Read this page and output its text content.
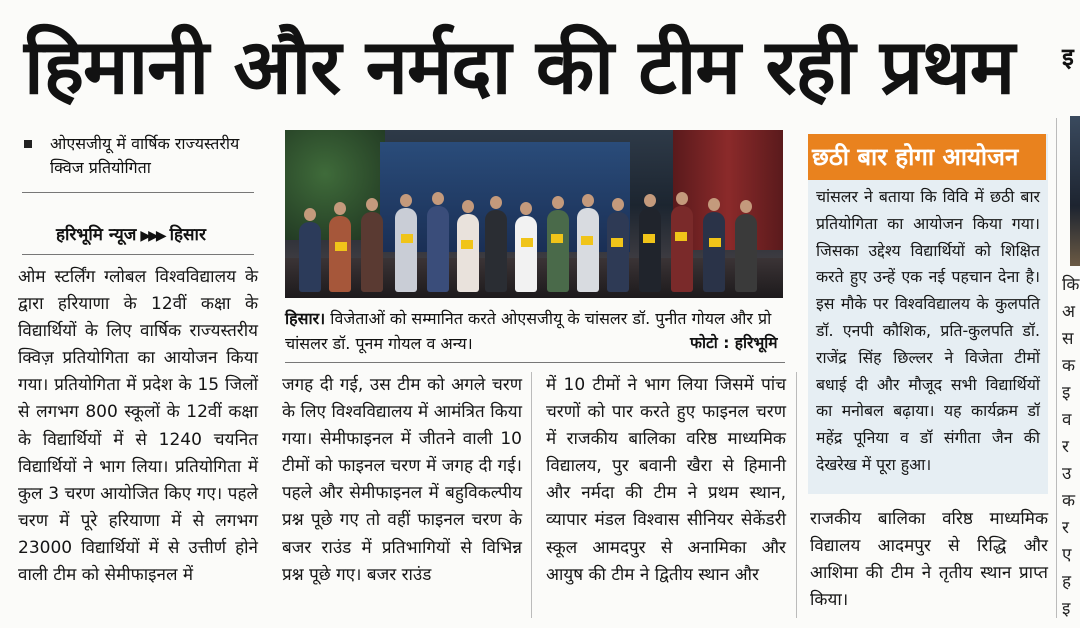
हिमानी और नर्मदा की टीम रही प्रथम	इ
कि
अ
स
क
इ
व
र
उ
क
र
ए
ह
इ
ओएसजीयू में वार्षिक राज्यस्तरीय क्विज प्रतियोगिता
हरिभूमि न्यूज ▶▶▶ हिसार
ओम स्टर्लिंग ग्लोबल विश्वविद्यालय के द्वारा हरियाणा के 12वीं कक्षा के विद्यार्थियों के लिए वार्षिक राज्यस्तरीय क्विज़ प्रतियोगिता का आयोजन किया गया। प्रतियोगिता में प्रदेश के 15 जिलों से लगभग 800 स्कूलों के 12वीं कक्षा के विद्यार्थियों में से 1240 चयनित विद्यार्थियों ने भाग लिया। प्रतियोगिता में कुल 3 चरण आयोजित किए गए। पहले चरण में पूरे हरियाणा में से लगभग 23000 विद्यार्थियों में से उत्तीर्ण होने वाली टीम को सेमीफाइनल में
जगह दी गई, उस टीम को अगले चरण के लिए विश्वविद्यालय में आमंत्रित किया गया। सेमीफाइनल में जीतने वाली 10 टीमों को फाइनल चरण में जगह दी गई। पहले और सेमीफाइनल में बहुविकल्पीय प्रश्न पूछे गए तो वहीं फाइनल चरण के बजर राउंड में प्रतिभागियों से विभिन्न प्रश्न पूछे गए। बजर राउंड
में 10 टीमों ने भाग लिया जिसमें पांच चरणों को पार करते हुए फाइनल चरण में राजकीय बालिका वरिष्ठ माध्यमिक विद्यालय, पुर बवानी खैरा से हिमानी और नर्मदा की टीम ने प्रथम स्थान, व्यापार मंडल विश्वास सीनियर सेकेंडरी स्कूल आमदपुर से अनामिका और आयुष की टीम ने द्वितीय स्थान और
राजकीय बालिका वरिष्ठ माध्यमिक विद्यालय आदमपुर से रिद्धि और आशिमा की टीम ने तृतीय स्थान प्राप्त किया।
हिसार। विजेताओं को सम्मानित करते ओएसजीयू के चांसलर डॉ. पुनीत गोयल और प्रो चांसलर डॉ. पूनम गोयल व अन्य।	फोटो : हरिभूमि
छठी बार होगा आयोजन
चांसलर ने बताया कि विवि में छठी बार प्रतियोगिता का आयोजन किया गया। जिसका उद्देश्य विद्यार्थियों को शिक्षित करते हुए उन्हें एक नई पहचान देना है। इस मौके पर विश्वविद्यालय के कुलपति डॉ. एनपी कौशिक, प्रति-कुलपति डॉ. राजेंद्र सिंह छिल्लर ने विजेता टीमों बधाई दी और मौजूद सभी विद्यार्थियों का मनोबल बढ़ाया। यह कार्यक्रम डॉ महेंद्र पूनिया व डॉ संगीता जैन की देखरेख में पूरा हुआ।
